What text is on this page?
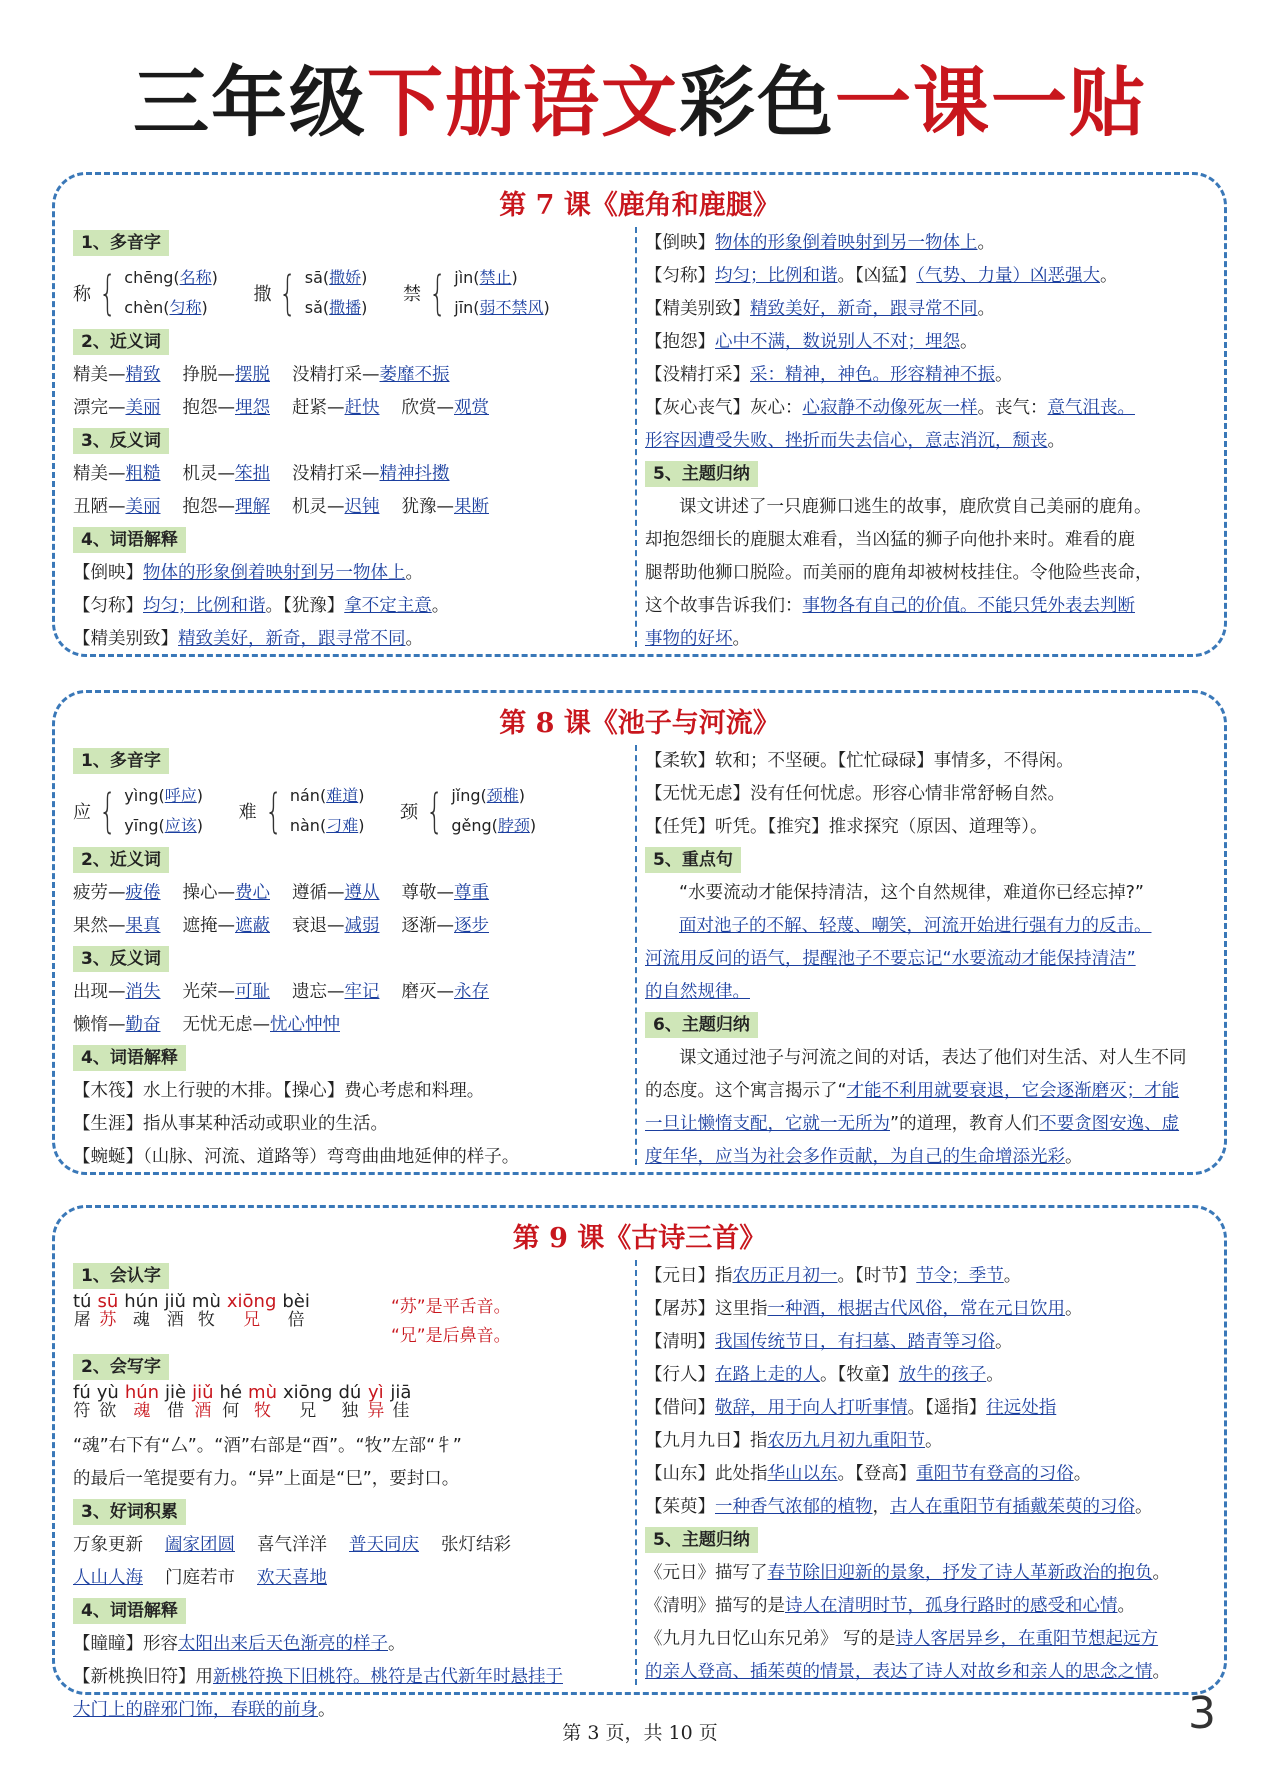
三年级下册语文彩色一课一贴
第 7 课《鹿角和鹿腿》
1、多音字
称 { chēng(名称)
chèn(匀称)

撒 { sā(撒娇)
sǎ(撒播)

禁 { jìn(禁止)
jīn(弱不禁风)
2、近义词
精美—精致 挣脱—摆脱 没精打采—萎靡不振
漂完—美丽 抱怨—埋怨 赶紧—赶快 欣赏—观赏
3、反义词
精美—粗糙 机灵—笨拙 没精打采—精神抖擞
丑陋—美丽 抱怨—理解 机灵—迟钝 犹豫—果断
4、词语解释
【倒映】物体的形象倒着映射到另一物体上。
【匀称】均匀；比例和谐。【犹豫】拿不定主意。
【精美别致】精致美好，新奇，跟寻常不同。
【倒映】物体的形象倒着映射到另一物体上。
【匀称】均匀；比例和谐。【凶猛】（气势、力量）凶恶强大。
【精美别致】精致美好，新奇，跟寻常不同。
【抱怨】心中不满，数说别人不对；埋怨。
【没精打采】采：精神，神色。形容精神不振。
【灰心丧气】灰心：心寂静不动像死灰一样。丧气：意气沮丧。
形容因遭受失败、挫折而失去信心，意志消沉，颓丧。
5、主题归纳
课文讲述了一只鹿狮口逃生的故事，鹿欣赏自己美丽的鹿角。
却抱怨细长的鹿腿太难看，当凶猛的狮子向他扑来时。难看的鹿
腿帮助他狮口脱险。而美丽的鹿角却被树枝挂住。令他险些丧命，
这个故事告诉我们：事物各有自己的价值。不能只凭外表去判断
事物的好坏。
第 8 课《池子与河流》
1、多音字
应 { yìng(呼应)
yīng(应该)

难 { nán(难道)
nàn(刁难)

颈 { jǐng(颈椎)
gěng(脖颈)
2、近义词
疲劳—疲倦 操心—费心 遵循—遵从 尊敬—尊重
果然—果真 遮掩—遮蔽 衰退—减弱 逐渐—逐步
3、反义词
出现—消失 光荣—可耻 遗忘—牢记 磨灭—永存
懒惰—勤奋 无忧无虑—忧心忡忡
4、词语解释
【木筏】水上行驶的木排。【操心】费心考虑和料理。
【生涯】指从事某种活动或职业的生活。
【蜿蜒】（山脉、河流、道路等）弯弯曲曲地延伸的样子。
【柔软】软和；不坚硬。【忙忙碌碌】事情多，不得闲。
【无忧无虑】没有任何忧虑。形容心情非常舒畅自然。
【任凭】听凭。【推究】推求探究（原因、道理等）。
5、重点句
“水要流动才能保持清洁，这个自然规律，难道你已经忘掉?”
面对池子的不解、轻蔑、嘲笑，河流开始进行强有力的反击。
河流用反问的语气，提醒池子不要忘记“水要流动才能保持清洁”
的自然规律。
6、主题归纳
课文通过池子与河流之间的对话，表达了他们对生活、对人生不同
的态度。这个寓言揭示了“才能不利用就要衰退，它会逐渐磨灭；才能
一旦让懒惰支配，它就一无所为”的道理，教育人们不要贪图安逸、虚
度年华，应当为社会多作贡献，为自己的生命增添光彩。
第 9 课《古诗三首》
1、会认字
tú
屠
sū
苏
hún
魂
jiǔ
酒
mù
牧
xiōng
兄
bèi
倍
“苏”是平舌音。
“兄”是后鼻音。
2、会写字
fú
符
yù
欲
hún
魂
jiè
借
jiǔ
酒
hé
何
mù
牧
xiōng
兄
dú
独
yì
异
jiā
佳
“魂”右下有“厶”。“酒”右部是“酉”。“牧”左部“牜”
的最后一笔提要有力。“异”上面是“巳”，要封口。
3、好词积累
万象更新 阖家团圆 喜气洋洋 普天同庆 张灯结彩
人山人海 门庭若市 欢天喜地
4、词语解释
【瞳瞳】形容太阳出来后天色渐亮的样子。
【新桃换旧符】用新桃符换下旧桃符。桃符是古代新年时悬挂于
大门上的辟邪门饰，春联的前身。
【元日】指农历正月初一。【时节】节令；季节。
【屠苏】这里指一种酒，根据古代风俗，常在元日饮用。
【清明】我国传统节日，有扫墓、踏青等习俗。
【行人】在路上走的人。【牧童】放牛的孩子。
【借问】敬辞，用于向人打听事情。【遥指】往远处指
【九月九日】指农历九月初九重阳节。
【山东】此处指华山以东。【登高】重阳节有登高的习俗。
【茱萸】一种香气浓郁的植物，古人在重阳节有插戴茱萸的习俗。
5、主题归纳
《元日》描写了春节除旧迎新的景象，抒发了诗人革新政治的抱负。
《清明》描写的是诗人在清明时节，孤身行路时的感受和心情。
《九月九日忆山东兄弟》 写的是诗人客居异乡，在重阳节想起远方
的亲人登高、插茱萸的情景，表达了诗人对故乡和亲人的思念之情。
第 3 页，共 10 页	3
